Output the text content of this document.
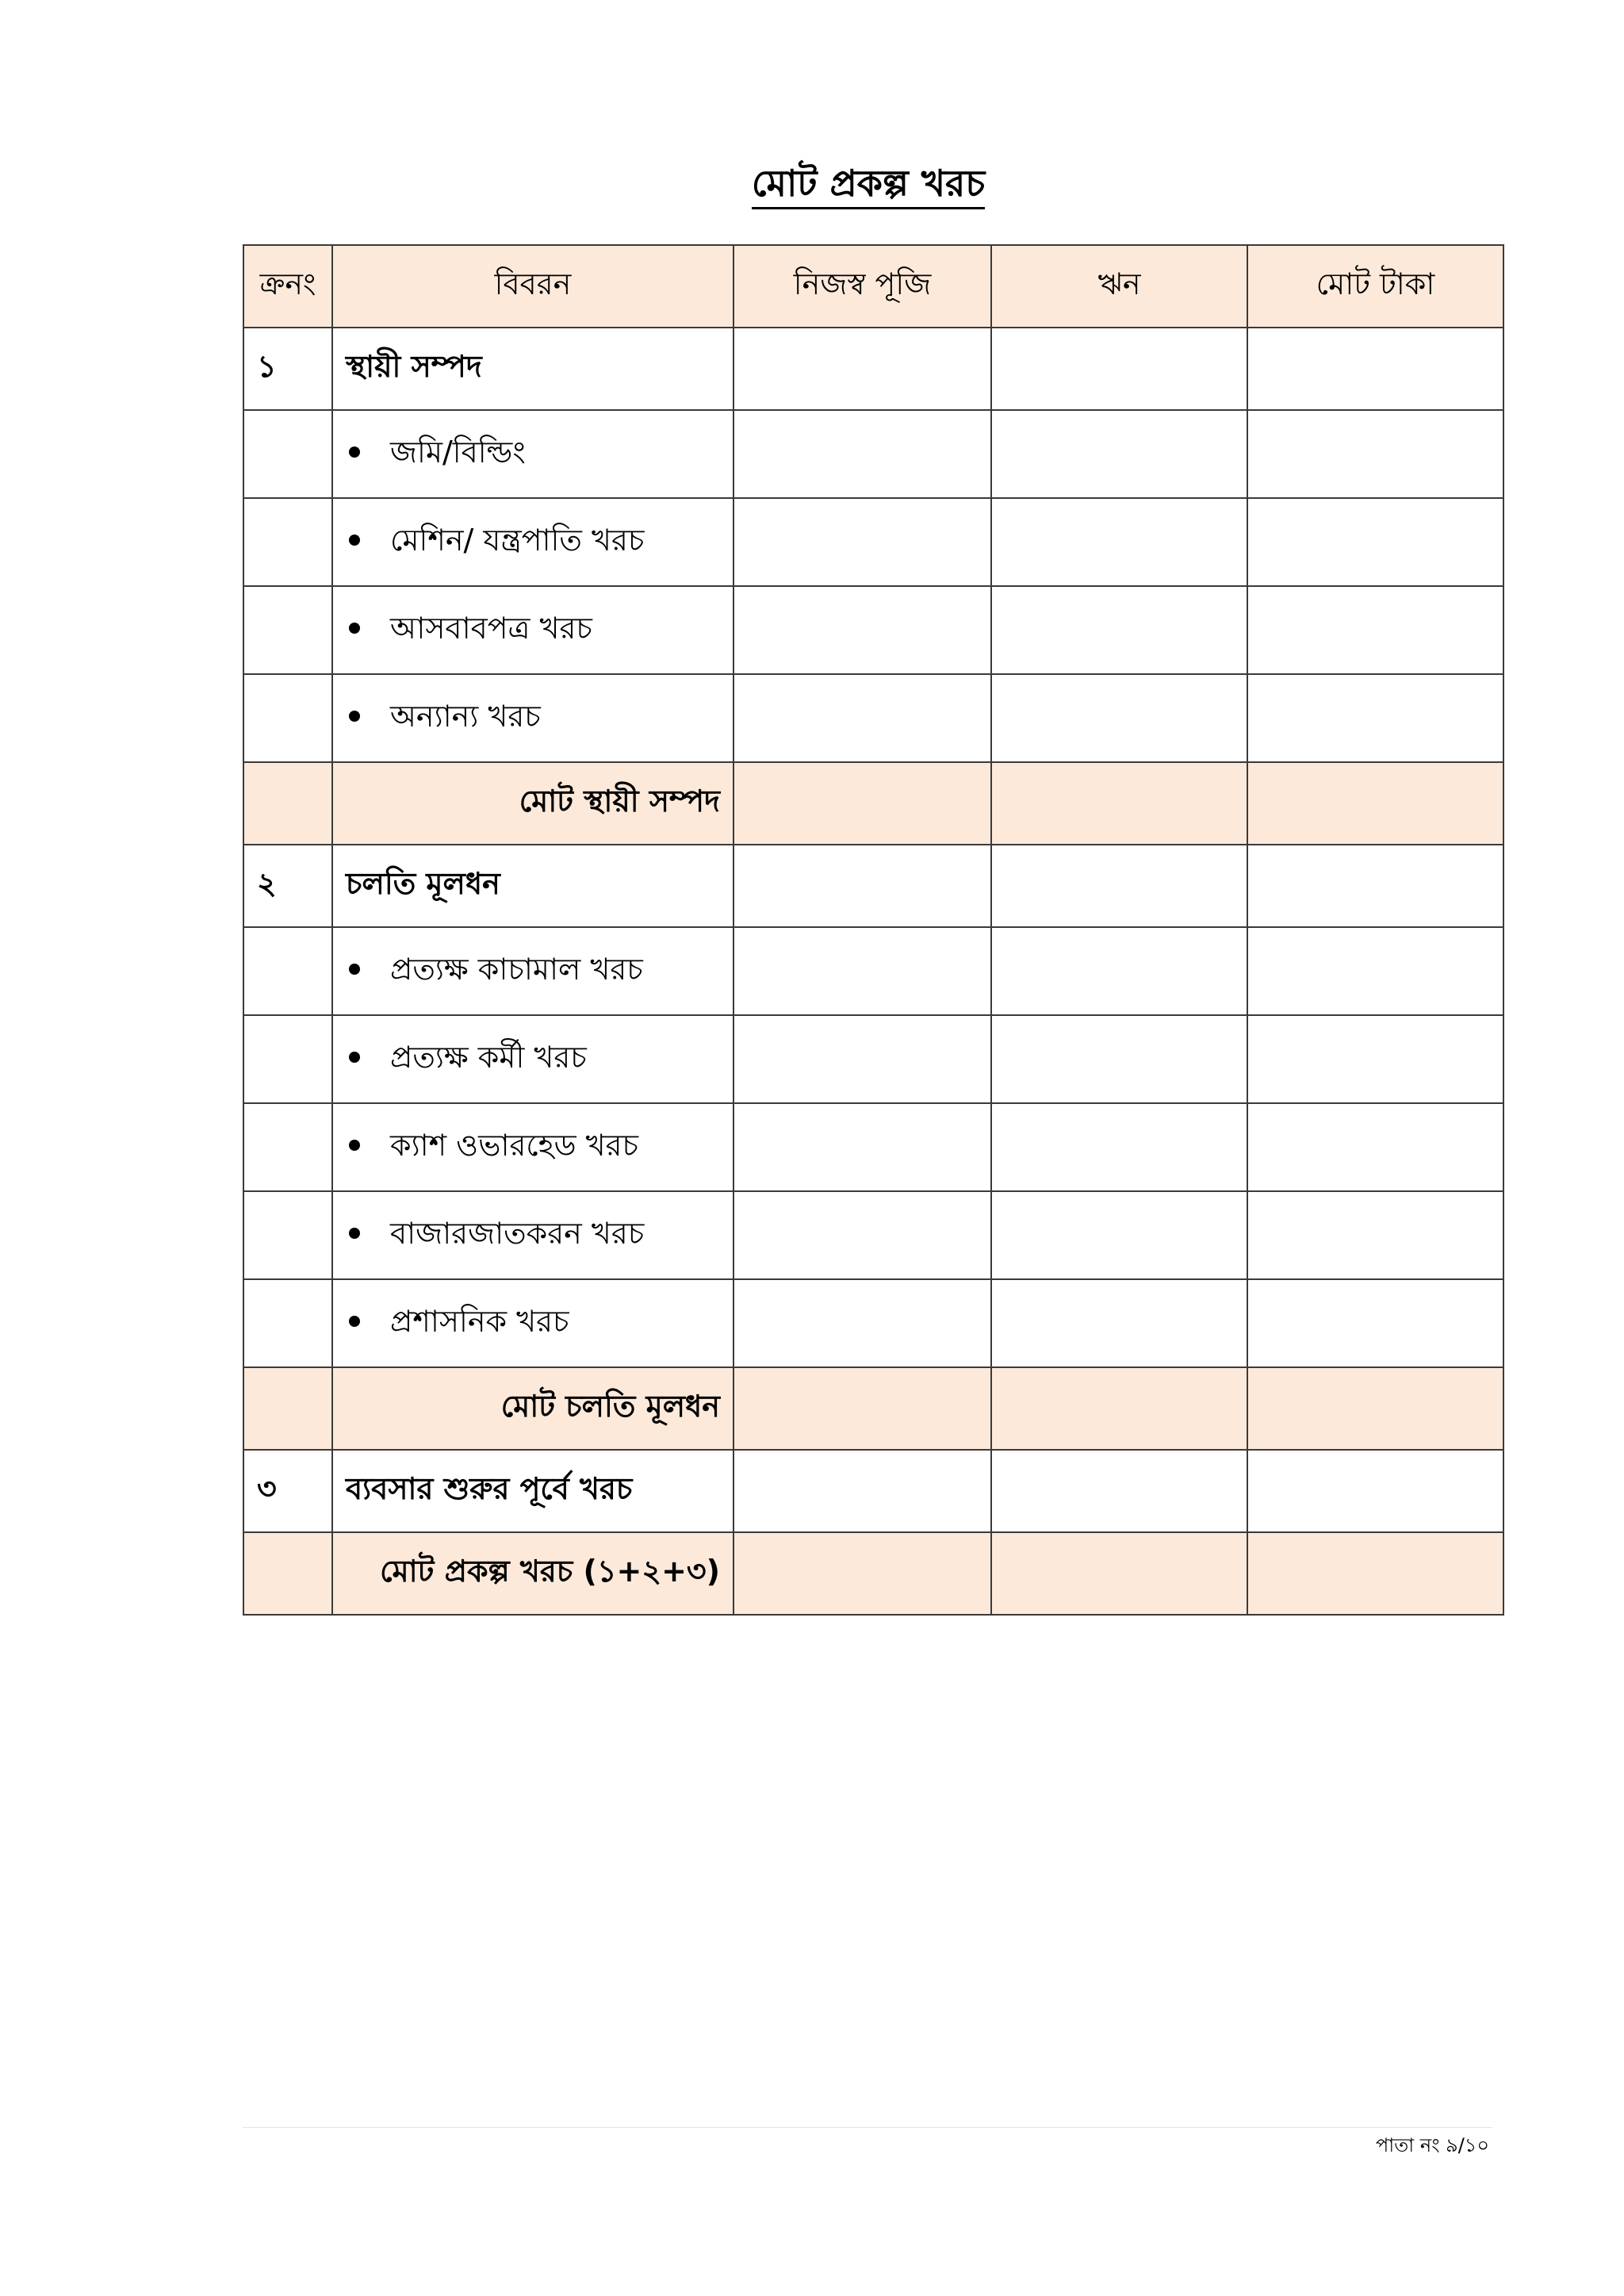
মোট প্রকল্প খরচ
ক্রনং	বিবরন	নিজস্ব পূজি	ঋন	মোট টাকা
১	স্থায়ী সম্পদ			
	জমি/বিল্ডিং			
	মেশিন/ যন্ত্রপাতি খরচ			
	আসবাবপত্র খরচ			
	অন্যান্য খরচ			
	মোট স্থায়ী সম্পদ			
২	চলতি মূলধন			
	প্রত্যক্ষ কাচামাল খরচ			
	প্রত্যক্ষ কর্মী খরচ			
	ক্যাশ ওভারহেড খরচ			
	বাজারজাতকরন খরচ			
	প্রশাসনিক খরচ			
	মোট চলতি মূলধন			
৩	ব্যবসার শুরুর পূর্বে খরচ			
	মোট প্রকল্প খরচ (১+২+৩)			
পাতা নং ৯/১০
